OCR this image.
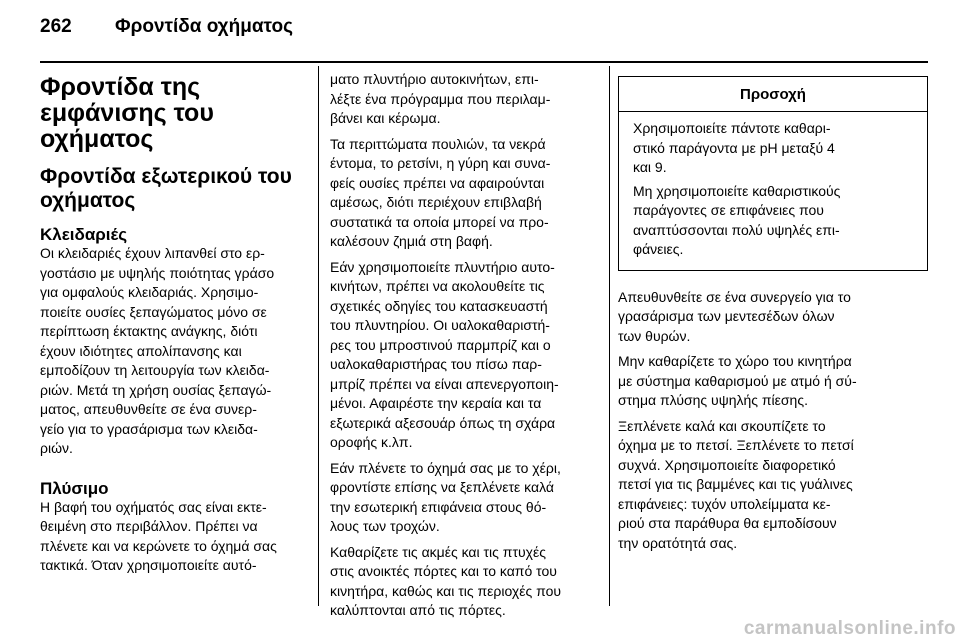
262 Φροντίδα οχήματος
Φροντίδα της
εμφάνισης του
οχήματος
Φροντίδα εξωτερικού του
οχήματος
Κλειδαριές
Οι κλειδαριές έχουν λιπανθεί στο ερ-
γοστάσιο με υψηλής ποιότητας γράσο
για ομφαλούς κλειδαριάς. Χρησιμο-
ποιείτε ουσίες ξεπαγώματος μόνο σε
περίπτωση έκτακτης ανάγκης, διότι
έχουν ιδιότητες απολίπανσης και
εμποδίζουν τη λειτουργία των κλειδα-
ριών. Μετά τη χρήση ουσίας ξεπαγώ-
ματος, απευθυνθείτε σε ένα συνερ-
γείο για το γρασάρισμα των κλειδα-
ριών.
Πλύσιμο
Η βαφή του οχήματός σας είναι εκτε-
θειμένη στο περιβάλλον. Πρέπει να
πλένετε και να κερώνετε το όχημά σας
τακτικά. Όταν χρησιμοποιείτε αυτό-
ματο πλυντήριο αυτοκινήτων, επι-
λέξτε ένα πρόγραμμα που περιλαμ-
βάνει και κέρωμα.
Τα περιττώματα πουλιών, τα νεκρά
έντομα, το ρετσίνι, η γύρη και συνα-
φείς ουσίες πρέπει να αφαιρούνται
αμέσως, διότι περιέχουν επιβλαβή
συστατικά τα οποία μπορεί να προ-
καλέσουν ζημιά στη βαφή.
Εάν χρησιμοποιείτε πλυντήριο αυτο-
κινήτων, πρέπει να ακολουθείτε τις
σχετικές οδηγίες του κατασκευαστή
του πλυντηρίου. Οι υαλοκαθαριστή-
ρες του μπροστινού παρμπρίζ και ο
υαλοκαθαριστήρας του πίσω παρ-
μπρίζ πρέπει να είναι απενεργοποιη-
μένοι. Αφαιρέστε την κεραία και τα
εξωτερικά αξεσουάρ όπως τη σχάρα
οροφής κ.λπ.
Εάν πλένετε το όχημά σας με το χέρι,
φροντίστε επίσης να ξεπλένετε καλά
την εσωτερική επιφάνεια στους θό-
λους των τροχών.
Καθαρίζετε τις ακμές και τις πτυχές
στις ανοικτές πόρτες και το καπό του
κινητήρα, καθώς και τις περιοχές που
καλύπτονται από τις πόρτες.
Προσοχή
Χρησιμοποιείτε πάντοτε καθαρι-
στικό παράγοντα με pH μεταξύ 4
και 9.
Μη χρησιμοποιείτε καθαριστικούς
παράγοντες σε επιφάνειες που
αναπτύσσονται πολύ υψηλές επι-
φάνειες.
Απευθυνθείτε σε ένα συνεργείο για το
γρασάρισμα των μεντεσέδων όλων
των θυρών.
Μην καθαρίζετε το χώρο του κινητήρα
με σύστημα καθαρισμού με ατμό ή σύ-
στημα πλύσης υψηλής πίεσης.
Ξεπλένετε καλά και σκουπίζετε το
όχημα με το πετσί. Ξεπλένετε το πετσί
συχνά. Χρησιμοποιείτε διαφορετικό
πετσί για τις βαμμένες και τις γυάλινες
επιφάνειες: τυχόν υπολείμματα κε-
ριού στα παράθυρα θα εμποδίσουν
την ορατότητά σας.
carmanualsonline.info
